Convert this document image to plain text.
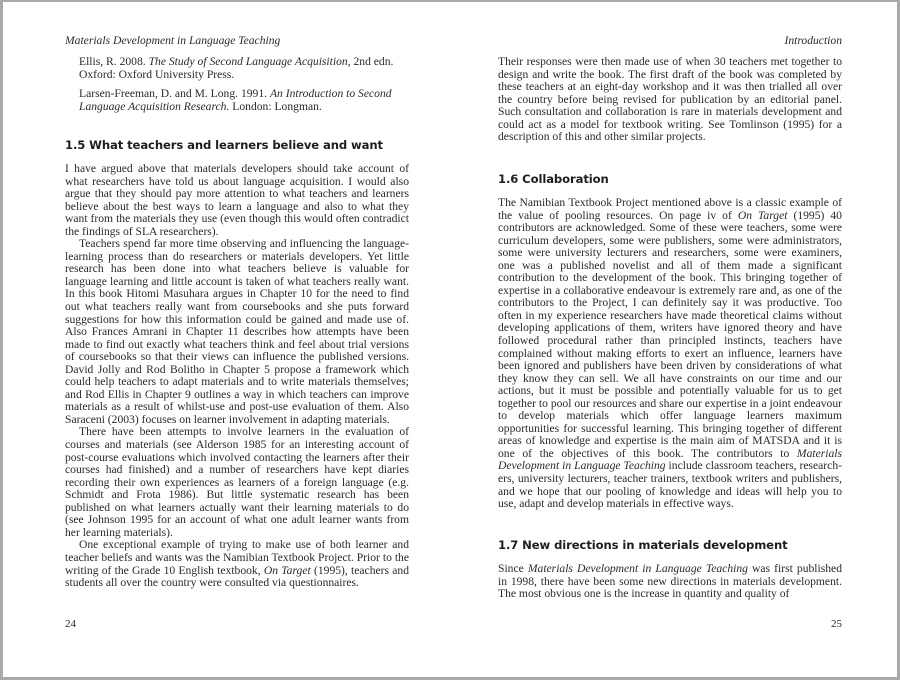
Materials Development in Language Teaching

Ellis, R. 2008. The Study of Second Language Acquisition, 2nd edn. Oxford: Oxford University Press.

Larsen-Freeman, D. and M. Long. 1991. An Introduction to Second Language Acquisition Research. London: Longman.

1.5 What teachers and learners believe and want

I have argued above that materials developers should take account of what researchers have told us about language acquisition. I would also argue that they should pay more attention to what teachers and learners believe about the best ways to learn a language and also to what they want from the materials they use (even though this would often contradict the findings of SLA researchers).

Teachers spend far more time observing and influencing the language-learning process than do researchers or materials developers. Yet little research has been done into what teachers believe is valuable for language learning and little account is taken of what teachers really want. In this book Hitomi Masuhara argues in Chapter 10 for the need to find out what teachers really want from coursebooks and she puts forward suggestions for how this information could be gained and made use of. Also Frances Amrani in Chapter 11 describes how attempts have been made to find out exactly what teachers think and feel about trial versions of coursebooks so that their views can influence the published versions. David Jolly and Rod Bolitho in Chapter 5 propose a framework which could help teachers to adapt materials and to write materials themselves; and Rod Ellis in Chapter 9 outlines a way in which teachers can improve materials as a result of whilst-use and post-use evaluation of them. Also Saraceni (2003) focuses on learner involvement in adapting materials.

There have been attempts to involve learners in the evaluation of courses and materials (see Alderson 1985 for an interesting account of post-course evaluations which involved contacting the learners after their courses had finished) and a number of researchers have kept diaries recording their own experiences as learners of a foreign language (e.g. Schmidt and Frota 1986). But little systematic research has been published on what learners actually want their learning materials to do (see Johnson 1995 for an account of what one adult learner wants from her learning materials).

One exceptional example of trying to make use of both learner and teacher beliefs and wants was the Namibian Textbook Project. Prior to the writing of the Grade 10 English textbook, On Target (1995), teachers and students all over the country were consulted via questionnaires.

24
Introduction

Their responses were then made use of when 30 teachers met together to design and write the book. The first draft of the book was completed by these teachers at an eight-day workshop and it was then trialled all over the country before being revised for publication by an editorial panel. Such consultation and collaboration is rare in materials development and could act as a model for textbook writing. See Tomlinson (1995) for a description of this and other similar projects.

1.6 Collaboration

The Namibian Textbook Project mentioned above is a classic example of the value of pooling resources. On page iv of On Target (1995) 40 contributors are acknowledged. Some of these were teachers, some were curriculum developers, some were publishers, some were administrators, some were university lecturers and researchers, some were examiners, one was a published novelist and all of them made a significant contribution to the development of the book. This bringing together of expertise in a collaborative endeavour is extremely rare and, as one of the contributors to the Project, I can definitely say it was productive. Too often in my experience researchers have made theoretical claims without developing applications of them, writers have ignored theory and have followed procedural rather than principled instincts, teachers have complained without making efforts to exert an influence, learners have been ignored and publishers have been driven by considerations of what they know they can sell. We all have constraints on our time and our actions, but it must be possible and potentially valuable for us to get together to pool our resources and share our expertise in a joint endeavour to develop materials which offer language learners maximum opportunities for successful learning. This bringing together of different areas of knowledge and expertise is the main aim of MATSDA and it is one of the objectives of this book. The contributors to Materials Development in Language Teaching include classroom teachers, researchers, university lecturers, teacher trainers, textbook writers and publishers, and we hope that our pooling of knowledge and ideas will help you to use, adapt and develop materials in effective ways.

1.7 New directions in materials development

Since Materials Development in Language Teaching was first published in 1998, there have been some new directions in materials development. The most obvious one is the increase in quantity and quality of

25
